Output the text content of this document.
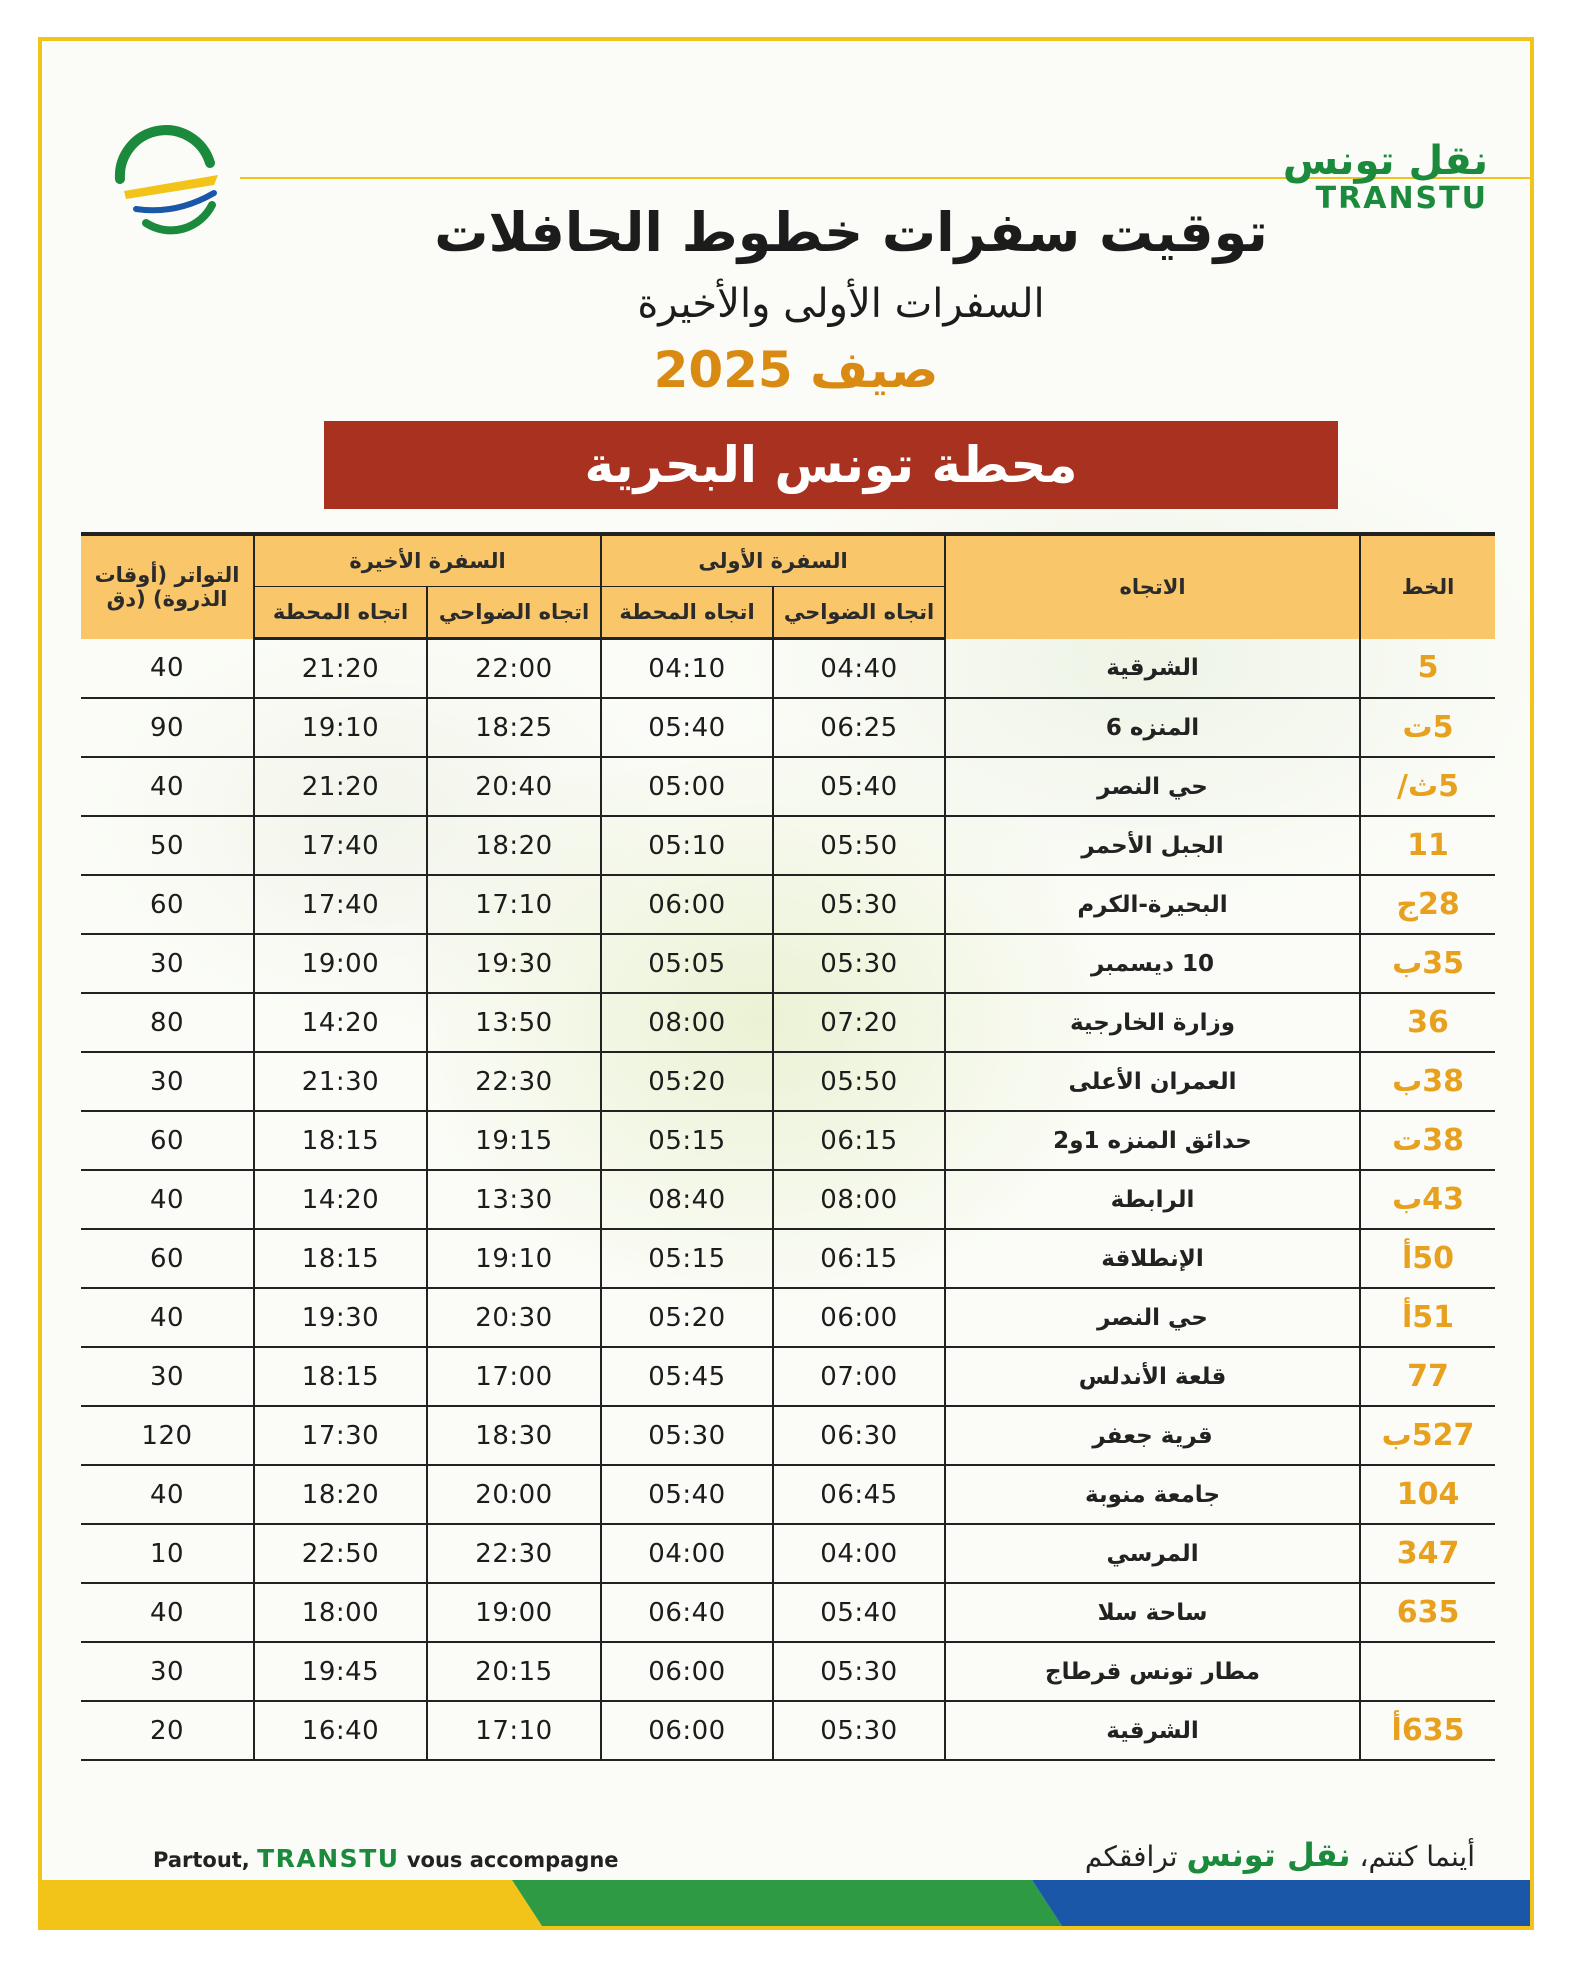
نقل تونس
TRANSTU
توقيت سفرات خطوط الحافلات
السفرات الأولى والأخيرة
صيف 2025
محطة تونس البحرية
الخط	الاتجاه	السفرة الأولى		السفرة الأخيرة		التواتر (أوقات
الذروة) (دق

		اتجاه الضواحي	اتجاه المحطة	اتجاه الضواحي	اتجاه المحطة	
5	الشرقية	04:40	04:10	22:00	21:20	40
5ت	المنزه 6	06:25	05:40	18:25	19:10	90
5ث/	حي النصر	05:40	05:00	20:40	21:20	40
11	الجبل الأحمر	05:50	05:10	18:20	17:40	50
28ج	البحيرة-الكرم	05:30	06:00	17:10	17:40	60
35ب	10 ديسمبر	05:30	05:05	19:30	19:00	30
36	وزارة الخارجية	07:20	08:00	13:50	14:20	80
38ب	العمران الأعلى	05:50	05:20	22:30	21:30	30
38ت	حدائق المنزه 1و2	06:15	05:15	19:15	18:15	60
43ب	الرابطة	08:00	08:40	13:30	14:20	40
50أ	الإنطلاقة	06:15	05:15	19:10	18:15	60
51أ	حي النصر	06:00	05:20	20:30	19:30	40
77	قلعة الأندلس	07:00	05:45	17:00	18:15	30
527ب	قرية جعفر	06:30	05:30	18:30	17:30	120
104	جامعة منوبة	06:45	05:40	20:00	18:20	40
347	المرسي	04:00	04:00	22:30	22:50	10
635	ساحة سلا	05:40	06:40	19:00	18:00	40
	مطار تونس قرطاج	05:30	06:00	20:15	19:45	30
635أ	الشرقية	05:30	06:00	17:10	16:40	20
Partout, TRANSTU vous accompagne	أينما كنتم، نقل تونس ترافقكم
